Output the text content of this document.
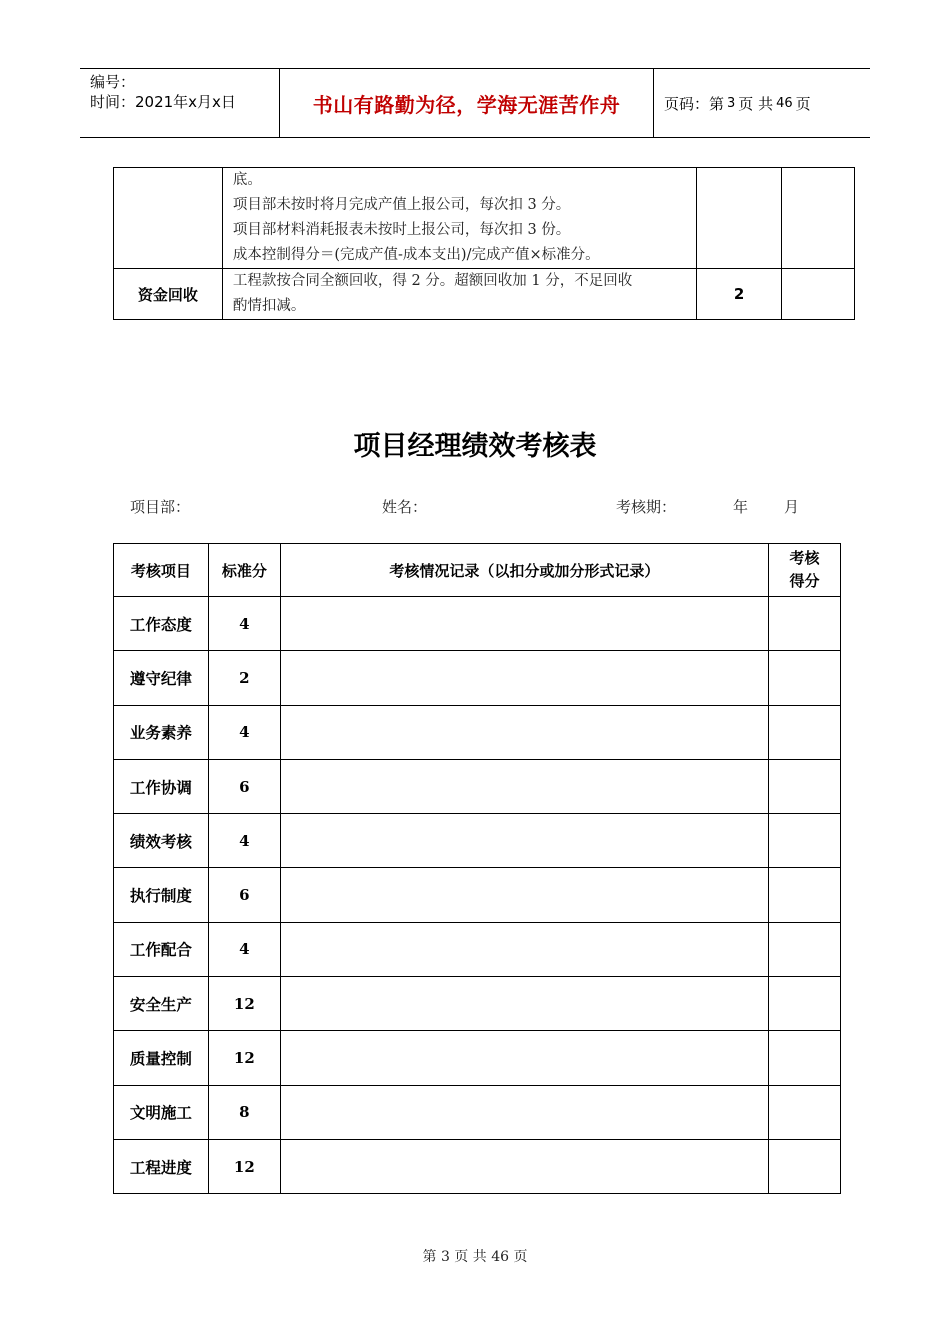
编号：
时间：2021年x月x日	书山有路勤为径，学海无涯苦作舟	页码：第 3 页 共 46 页

	底。
项目部未按时将月完成产值上报公司，每次扣 3 分。
项目部材料消耗报表未按时上报公司，每次扣 3 份。
成本控制得分＝(完成产值-成本支出)/完成产值×标准分。		

资金回收	工程款按合同全额回收，得 2 分。超额回收加 1 分，不足回收
酌情扣减。	2	
项目经理绩效考核表
项目部：	姓名：	考核期：	年 月
考核项目	标准分	考核情况记录（以扣分或加分形式记录）	考核
得分

工作态度	4		
遵守纪律	2		
业务素养	4		
工作协调	6		
绩效考核	4		
执行制度	6		
工作配合	4		
安全生产	12		
质量控制	12		
文明施工	8		
工程进度	12		
第 3 页 共 46 页
